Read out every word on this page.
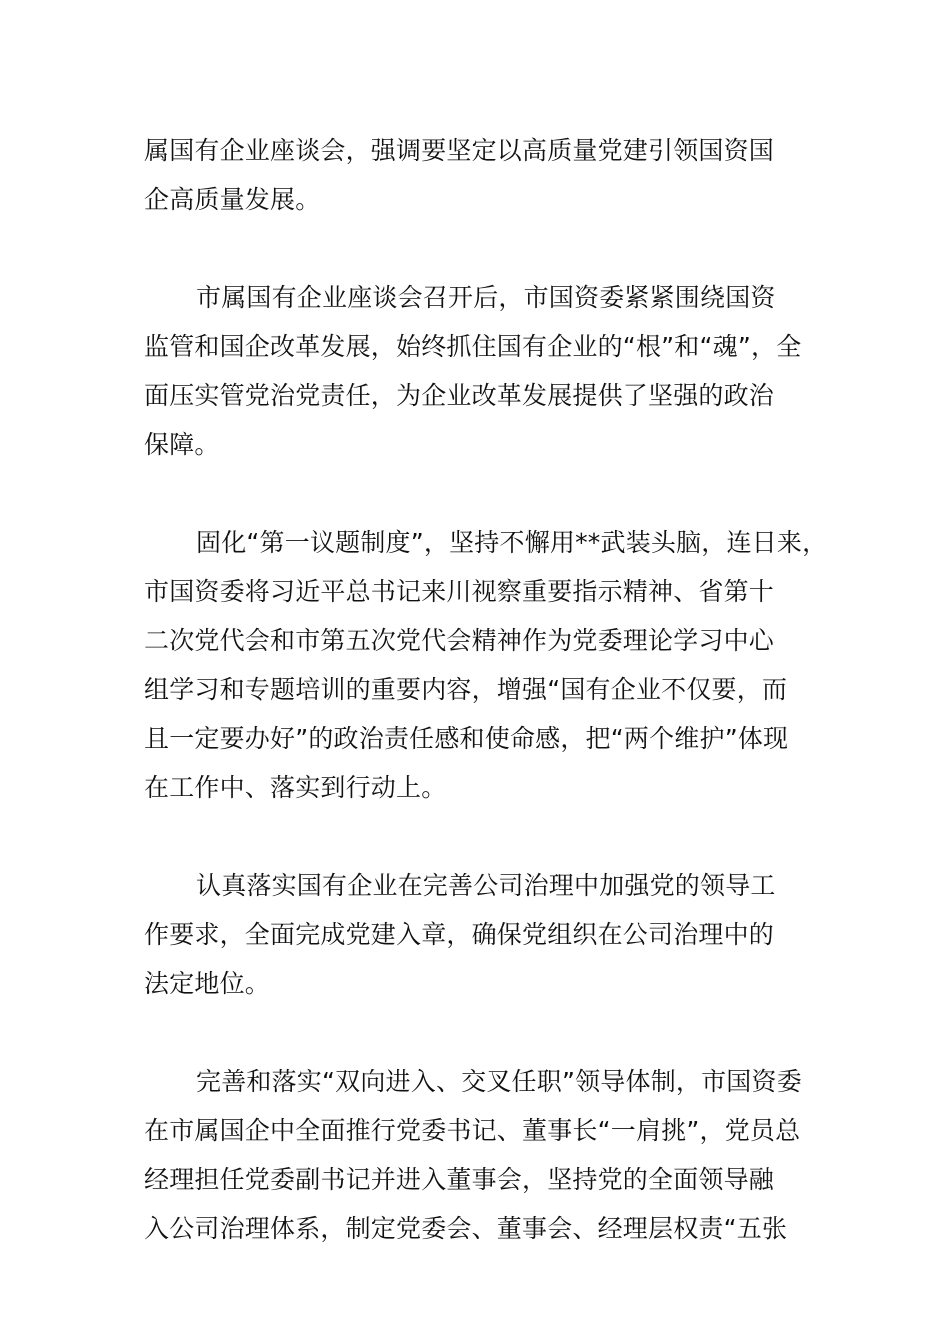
属国有企业座谈会，强调要坚定以高质量党建引领国资国
企高质量发展。

市属国有企业座谈会召开后，市国资委紧紧围绕国资
监管和国企改革发展，始终抓住国有企业的“根”和“魂”，全
面压实管党治党责任，为企业改革发展提供了坚强的政治
保障。

固化“第一议题制度”，坚持不懈用**武装头脑，连日来，
市国资委将习近平总书记来川视察重要指示精神、省第十
二次党代会和市第五次党代会精神作为党委理论学习中心
组学习和专题培训的重要内容，增强“国有企业不仅要，而
且一定要办好”的政治责任感和使命感，把“两个维护”体现
在工作中、落实到行动上。

认真落实国有企业在完善公司治理中加强党的领导工
作要求，全面完成党建入章，确保党组织在公司治理中的
法定地位。

完善和落实“双向进入、交叉任职”领导体制，市国资委
在市属国企中全面推行党委书记、董事长“一肩挑”，党员总
经理担任党委副书记并进入董事会，坚持党的全面领导融
入公司治理体系，制定党委会、董事会、经理层权责“五张
